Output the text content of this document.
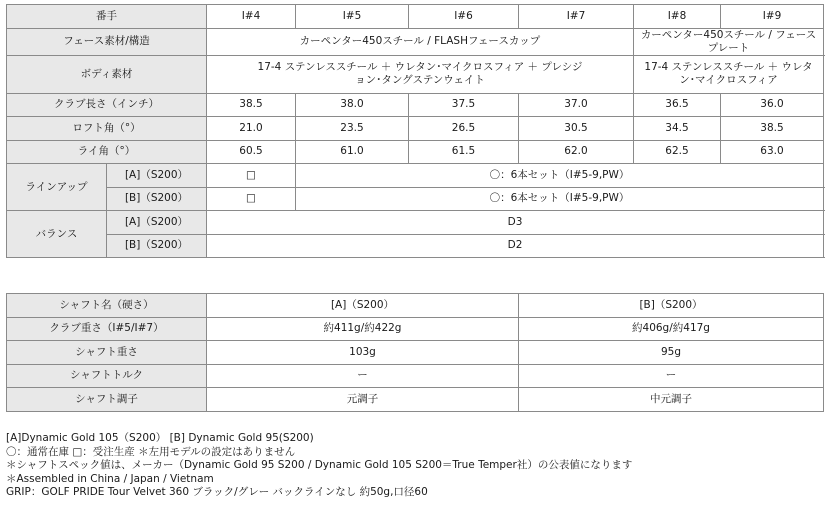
番手		I#4	I#5	I#6	I#7	I#8	I#9	
フェース素材/構造		カーペンター450スチール / FLASHフェースカップ				カーペンター450スチール / フェースプレート		
ボディ素材		17-4 ステンレススチール ＋ ウレタン･マイクロスフィア ＋ プレシジョン･タングステンウェイト				17-4 ステンレススチール ＋ ウレタン･マイクロスフィア		
クラブ長さ（インチ）		38.5	38.0	37.5	37.0	36.5	36.0	
ロフト角（°）		21.0	23.5	26.5	30.5	34.5	38.5	
ライ角（°）		60.5	61.0	61.5	62.0	62.5	63.0	
ラインアップ	[A]（S200）	□	〇：6本セット（I#5-9,PW）					
	[B]（S200）	□	〇：6本セット（I#5-9,PW）					
バランス	[A]（S200）	D3						
	[B]（S200）	D2						
シャフト名（硬さ）	[A]（S200）	[B]（S200）
クラブ重さ（I#5/I#7）	約411g/約422g	約406g/約417g
シャフト重さ	103g	95g
シャフトトルク	ー	ー
シャフト調子	元調子	中元調子
[A]Dynamic Gold 105（S200） [B] Dynamic Gold 95(S200)
〇：通常在庫 □：受注生産 ＊左用モデルの設定はありません
＊シャフトスペック値は、メーカー（Dynamic Gold 95 S200 / Dynamic Gold 105 S200＝True Temper社）の公表値になります
＊Assembled in China / Japan / Vietnam
GRIP：GOLF PRIDE Tour Velvet 360 ブラック/グレー バックラインなし 約50g,口径60
